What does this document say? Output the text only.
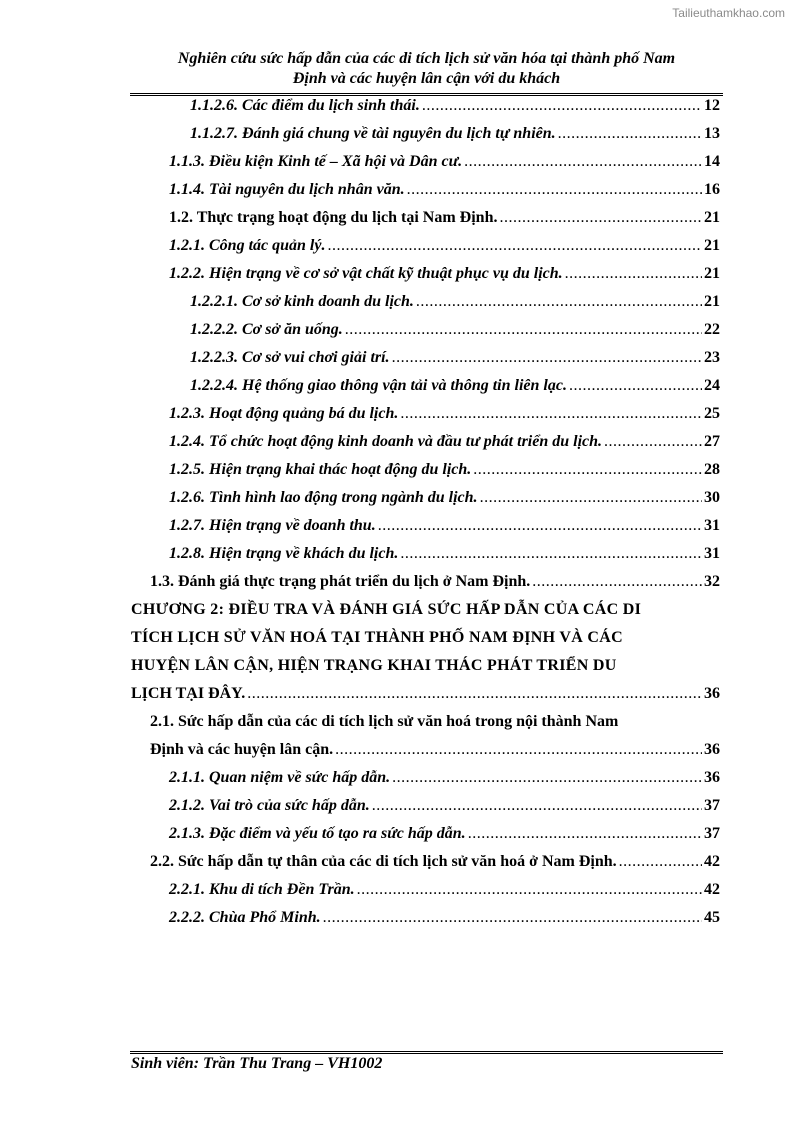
Tailieuthamkhao.com
Nghiên cứu sức hấp dẫn của các di tích lịch sử văn hóa tại thành phố Nam
Định và các huyện lân cận với du khách
1.1.2.6. Các điểm du lịch sinh thái. .....	12
1.1.2.7. Đánh giá chung về tài nguyên du lịch tự nhiên. .....	13
1.1.3. Điều kiện Kinh tế – Xã hội và Dân cư. .....	14
1.1.4. Tài nguyên du lịch nhân văn. .....	16
1.2. Thực trạng hoạt động du lịch tại Nam Định. .....	21
1.2.1. Công tác quản lý. .....	21
1.2.2. Hiện trạng về cơ sở vật chất kỹ thuật phục vụ du lịch. .....	21
1.2.2.1. Cơ sở kinh doanh du lịch. .....	21
1.2.2.2. Cơ sở ăn uống. .....	22
1.2.2.3. Cơ sở vui chơi giải trí. .....	23
1.2.2.4. Hệ thống giao thông vận tải và thông tin liên lạc. .....	24
1.2.3. Hoạt động quảng bá du lịch. .....	25
1.2.4. Tổ chức hoạt động kinh doanh và đầu tư phát triển du lịch. .....	27
1.2.5. Hiện trạng khai thác hoạt động du lịch. .....	28
1.2.6. Tình hình lao động trong ngành du lịch. .....	30
1.2.7. Hiện trạng về doanh thu. .....	31
1.2.8. Hiện trạng về khách du lịch. .....	31
1.3. Đánh giá thực trạng phát triển du lịch ở Nam Định. .....	32
CHƯƠNG 2: ĐIỀU TRA VÀ ĐÁNH GIÁ SỨC HẤP DẪN CỦA CÁC DI
TÍCH LỊCH SỬ VĂN HOÁ TẠI THÀNH PHỐ NAM ĐỊNH VÀ CÁC
HUYỆN LÂN CẬN, HIỆN TRẠNG KHAI THÁC PHÁT TRIỂN DU
LỊCH TẠI ĐÂY. .....	36
2.1. Sức hấp dẫn của các di tích lịch sử văn hoá trong nội thành Nam
Định và các huyện lân cận. .....	36
2.1.1. Quan niệm về sức hấp dẫn. .....	36
2.1.2. Vai trò của sức hấp dẫn. .....	37
2.1.3. Đặc điểm và yếu tố tạo ra sức hấp dẫn. .....	37
2.2. Sức hấp dẫn tự thân của các di tích lịch sử văn hoá ở Nam Định. .....	42
2.2.1. Khu di tích Đền Trần. .....	42
2.2.2. Chùa Phổ Minh. .....	45
Sinh viên: Trần Thu Trang – VH1002
